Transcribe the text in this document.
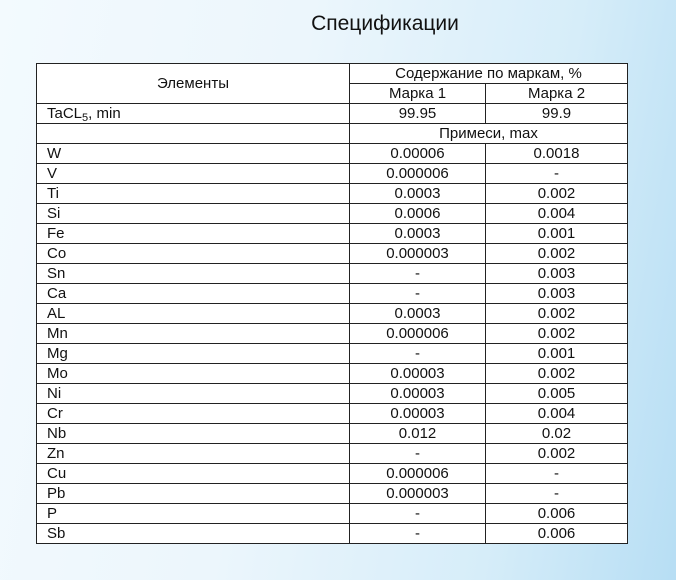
Спецификации
Элементы	Содержание по маркам, %	
	Марка 1	Марка 2
TaCL$_5$, min	99.95	99.9
	Примеси, max	
W	0.00006	0.0018
V	0.000006	-
Ti	0.0003	0.002
Si	0.0006	0.004
Fe	0.0003	0.001
Co	0.000003	0.002
Sn	-	0.003
Ca	-	0.003
AL	0.0003	0.002
Mn	0.000006	0.002
Mg	-	0.001
Mo	0.00003	0.002
Ni	0.00003	0.005
Cr	0.00003	0.004
Nb	0.012	0.02
Zn	-	0.002
Cu	0.000006	-
Pb	0.000003	-
P	-	0.006
Sb	-	0.006
